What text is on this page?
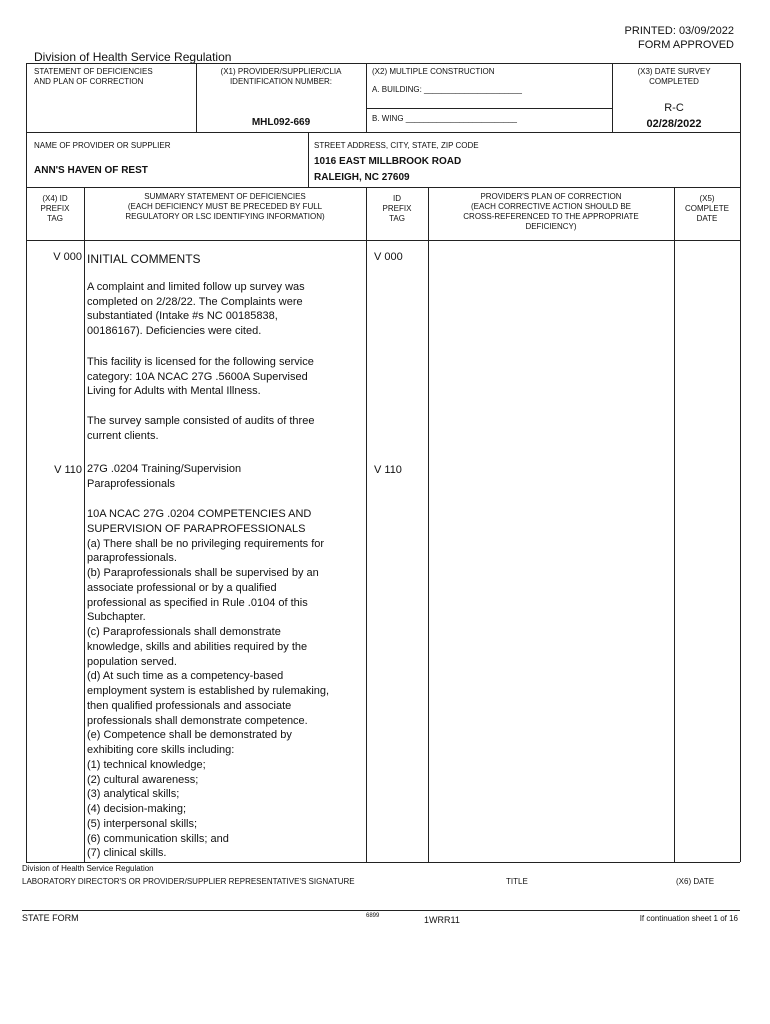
PRINTED: 03/09/2022
FORM APPROVED
Division of Health Service Regulation
STATEMENT OF DEFICIENCIES
AND PLAN OF CORRECTION
(X1) PROVIDER/SUPPLIER/CLIA
IDENTIFICATION NUMBER:
MHL092-669
(X2) MULTIPLE CONSTRUCTION
A. BUILDING: ______________________
B. WING _________________________
(X3) DATE SURVEY
COMPLETED
R-C
02/28/2022
NAME OF PROVIDER OR SUPPLIER
ANN'S HAVEN OF REST
STREET ADDRESS, CITY, STATE, ZIP CODE
1016 EAST MILLBROOK ROAD
RALEIGH, NC 27609
(X4) ID
PREFIX
TAG
SUMMARY STATEMENT OF DEFICIENCIES
(EACH DEFICIENCY MUST BE PRECEDED BY FULL
REGULATORY OR LSC IDENTIFYING INFORMATION)
ID
PREFIX
TAG
PROVIDER'S PLAN OF CORRECTION
(EACH CORRECTIVE ACTION SHOULD BE
CROSS-REFERENCED TO THE APPROPRIATE
DEFICIENCY)
(X5)
COMPLETE
DATE
V 000	V 000
INITIAL COMMENTS
A complaint and limited follow up survey was
completed on 2/28/22. The Complaints were
substantiated (Intake #s NC 00185838,
00186167). Deficiencies were cited.
This facility is licensed for the following service
category: 10A NCAC 27G .5600A Supervised
Living for Adults with Mental Illness.
The survey sample consisted of audits of three
current clients.
V 110	V 110
27G .0204 Training/Supervision
Paraprofessionals
10A NCAC 27G .0204 COMPETENCIES AND
SUPERVISION OF PARAPROFESSIONALS
(a) There shall be no privileging requirements for
paraprofessionals.
(b) Paraprofessionals shall be supervised by an
associate professional or by a qualified
professional as specified in Rule .0104 of this
Subchapter.
(c) Paraprofessionals shall demonstrate
knowledge, skills and abilities required by the
population served.
(d) At such time as a competency-based
employment system is established by rulemaking,
then qualified professionals and associate
professionals shall demonstrate competence.
(e) Competence shall be demonstrated by
exhibiting core skills including:
(1) technical knowledge;
(2) cultural awareness;
(3) analytical skills;
(4) decision-making;
(5) interpersonal skills;
(6) communication skills; and
(7) clinical skills.
Division of Health Service Regulation
LABORATORY DIRECTOR'S OR PROVIDER/SUPPLIER REPRESENTATIVE'S SIGNATURE	TITLE	(X6) DATE
STATE FORM	6899	1WRR11	If continuation sheet 1 of 16
